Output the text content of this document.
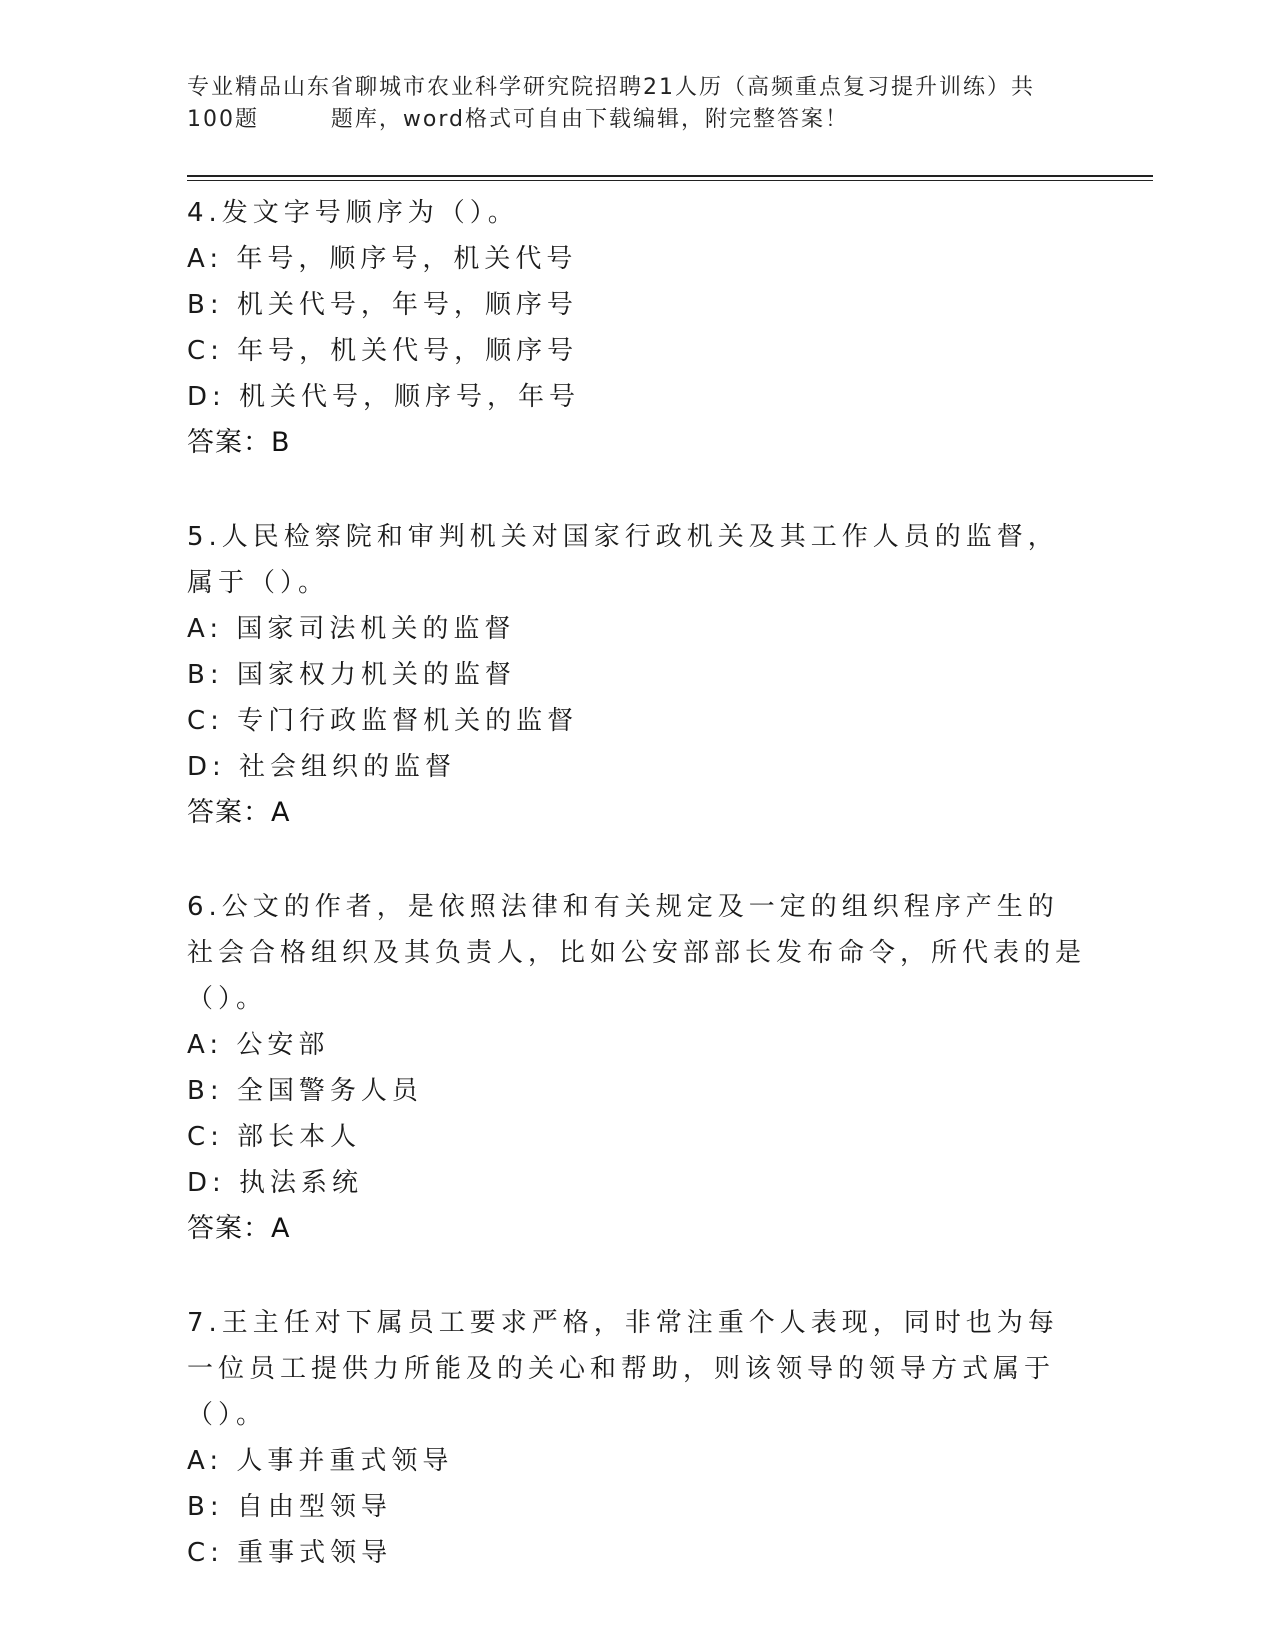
专业精品山东省聊城市农业科学研究院招聘21人历（高频重点复习提升训练）共
100题        题库，word格式可自由下载编辑，附完整答案！
4.发文字号顺序为（）。
A: 年号，顺序号，机关代号
B: 机关代号，年号，顺序号
C: 年号，机关代号，顺序号
D: 机关代号，顺序号，年号
答案：B
5.人民检察院和审判机关对国家行政机关及其工作人员的监督，属于（）。
A: 国家司法机关的监督
B: 国家权力机关的监督
C: 专门行政监督机关的监督
D: 社会组织的监督
答案：A
6.公文的作者，是依照法律和有关规定及一定的组织程序产生的社会合格组织及其负责人，比如公安部部长发布命令，所代表的是（）。
A: 公安部
B: 全国警务人员
C: 部长本人
D: 执法系统
答案：A
7.王主任对下属员工要求严格，非常注重个人表现，同时也为每一位员工提供力所能及的关心和帮助，则该领导的领导方式属于（）。
A: 人事并重式领导
B: 自由型领导
C: 重事式领导
